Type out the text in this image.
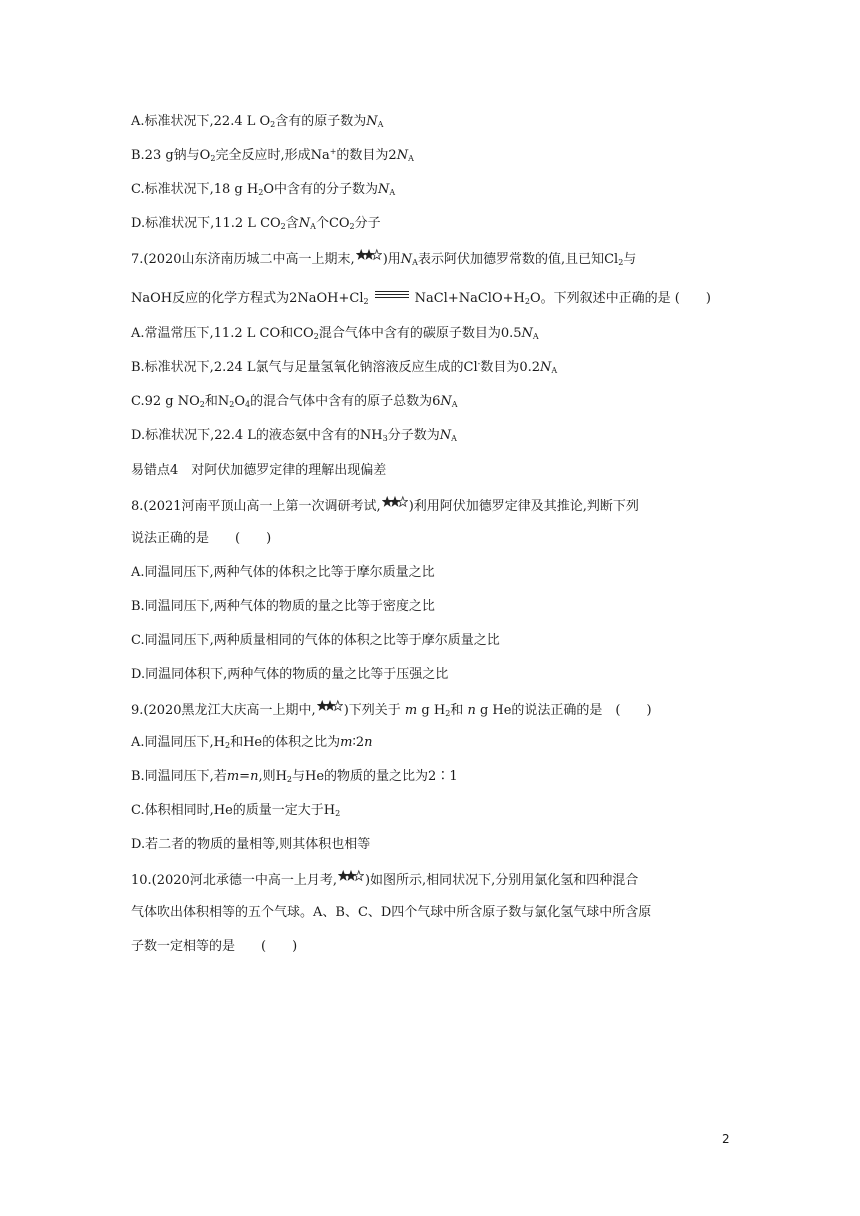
A.标准状况下,22.4 L $O_2$含有的原子数为$N_A$
B.23 g钠与$O_2$完全反应时,形成Na+的数目为$2N_A$
C.标准状况下,18 g $H_2O$中含有的分子数为$N_A$
D.标准状况下,11.2 L $CO_2$含$N_A$个$CO_2$分子
7.(2020山东济南历城二中高一上期末, )用$N_A$表示阿伏加德罗常数的值,且已知$Cl_2$与
NaOH反应的化学方程式为$2NaOH+Cl_2$	$NaCl+NaClO+H_2O$。下列叙述中正确的是 (　　)
A.常温常压下,11.2 L CO和$CO_2$混合气体中含有的碳原子数目为$0.5N_A$
B.标准状况下,2.24 L氯气与足量氢氧化钠溶液反应生成的Cl-数目为$0.2N_A$
C.92 g $NO_2$和$N_2O_4$的混合气体中含有的原子总数为$6N_A$
D.标准状况下,22.4 L的液态氨中含有的$NH_3$分子数为$N_A$
易错点4　对阿伏加德罗定律的理解出现偏差
8.(2021河南平顶山高一上第一次调研考试, )利用阿伏加德罗定律及其推论,判断下列
说法正确的是　　(　　)
A.同温同压下,两种气体的体积之比等于摩尔质量之比
B.同温同压下,两种气体的物质的量之比等于密度之比
C.同温同压下,两种质量相同的气体的体积之比等于摩尔质量之比
D.同温同体积下,两种气体的物质的量之比等于压强之比
9.(2020黑龙江大庆高一上期中, )下列关于 m g $H_2$和 n g He的说法正确的是　(　　)
A.同温同压下$,H_2$和He的体积之比为m∶2n
B.同温同压下,若m=n,则$H_2$与He的物质的量之比为2∶1
C.体积相同时,He的质量一定大于$H_2$
D.若二者的物质的量相等,则其体积也相等
10.(2020河北承德一中高一上月考, )如图所示,相同状况下,分别用氯化氢和四种混合
气体吹出体积相等的五个气球。A、B、C、D四个气球中所含原子数与氯化氢气球中所含原
子数一定相等的是　　(　　)
2
